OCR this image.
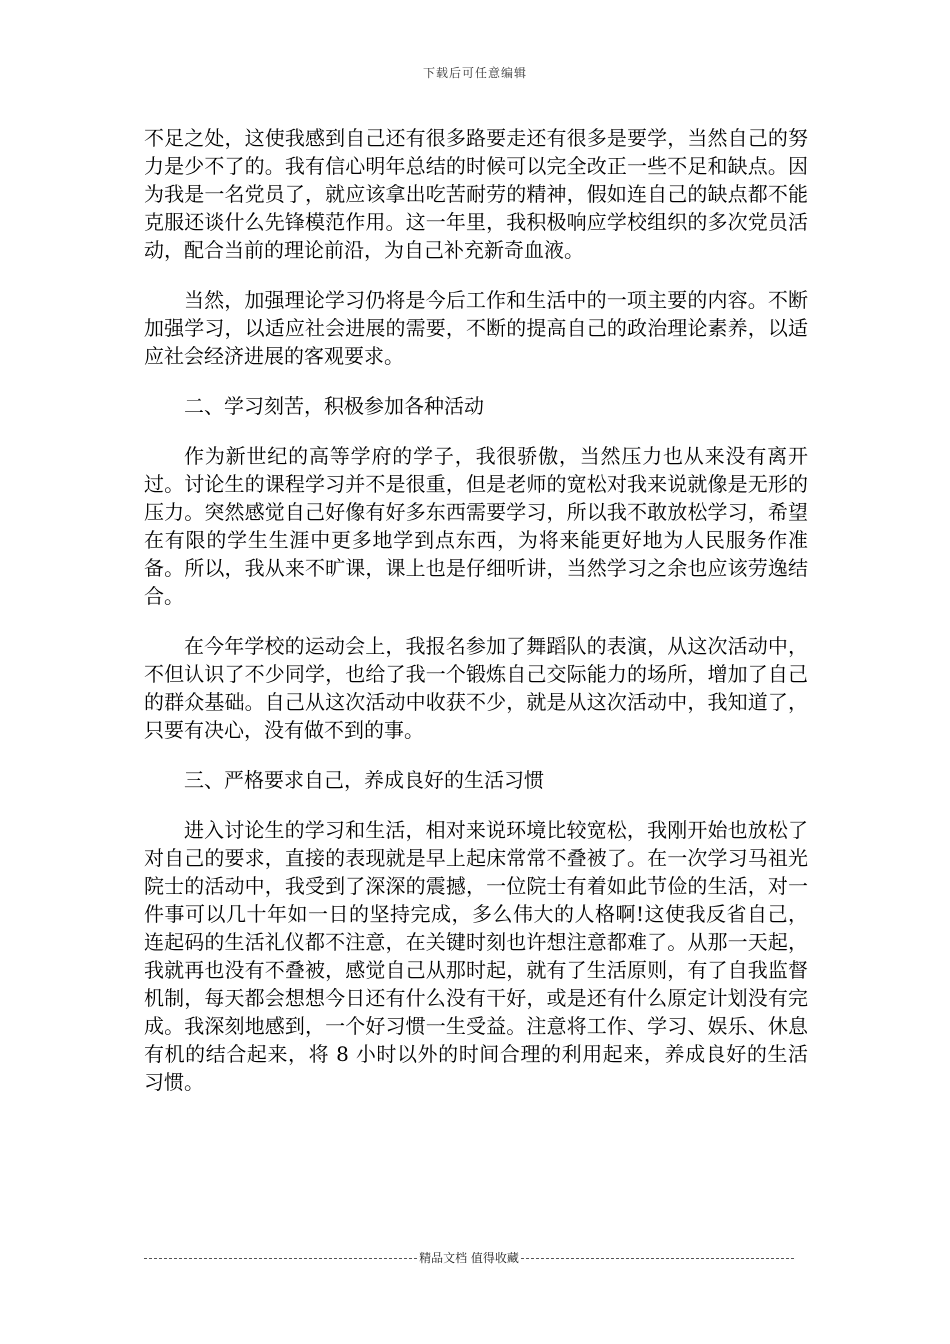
下载后可任意编辑

不足之处，这使我感到自己还有很多路要走还有很多是要学，当然自己的努力是少不了的。我有信心明年总结的时候可以完全改正一些不足和缺点。因为我是一名党员了，就应该拿出吃苦耐劳的精神，假如连自己的缺点都不能克服还谈什么先锋模范作用。这一年里，我积极响应学校组织的多次党员活动，配合当前的理论前沿，为自己补充新奇血液。

当然，加强理论学习仍将是今后工作和生活中的一项主要的内容。不断加强学习，以适应社会进展的需要，不断的提高自己的政治理论素养，以适应社会经济进展的客观要求。

二、学习刻苦，积极参加各种活动

作为新世纪的高等学府的学子，我很骄傲，当然压力也从来没有离开过。讨论生的课程学习并不是很重，但是老师的宽松对我来说就像是无形的压力。突然感觉自己好像有好多东西需要学习，所以我不敢放松学习，希望在有限的学生生涯中更多地学到点东西，为将来能更好地为人民服务作准备。所以，我从来不旷课，课上也是仔细听讲，当然学习之余也应该劳逸结合。

在今年学校的运动会上，我报名参加了舞蹈队的表演，从这次活动中，不但认识了不少同学，也给了我一个锻炼自己交际能力的场所，增加了自己的群众基础。自己从这次活动中收获不少，就是从这次活动中，我知道了，只要有决心，没有做不到的事。

三、严格要求自己，养成良好的生活习惯

进入讨论生的学习和生活，相对来说环境比较宽松，我刚开始也放松了对自己的要求，直接的表现就是早上起床常常不叠被了。在一次学习马祖光院士的活动中，我受到了深深的震撼，一位院士有着如此节俭的生活，对一件事可以几十年如一日的坚持完成，多么伟大的人格啊!这使我反省自己，连起码的生活礼仪都不注意，在关键时刻也许想注意都难了。从那一天起，我就再也没有不叠被，感觉自己从那时起，就有了生活原则，有了自我监督机制，每天都会想想今日还有什么没有干好，或是还有什么原定计划没有完成。我深刻地感到，一个好习惯一生受益。注意将工作、学习、娱乐、休息有机的结合起来，将 8 小时以外的时间合理的利用起来，养成良好的生活习惯。

精品文档 值得收藏
